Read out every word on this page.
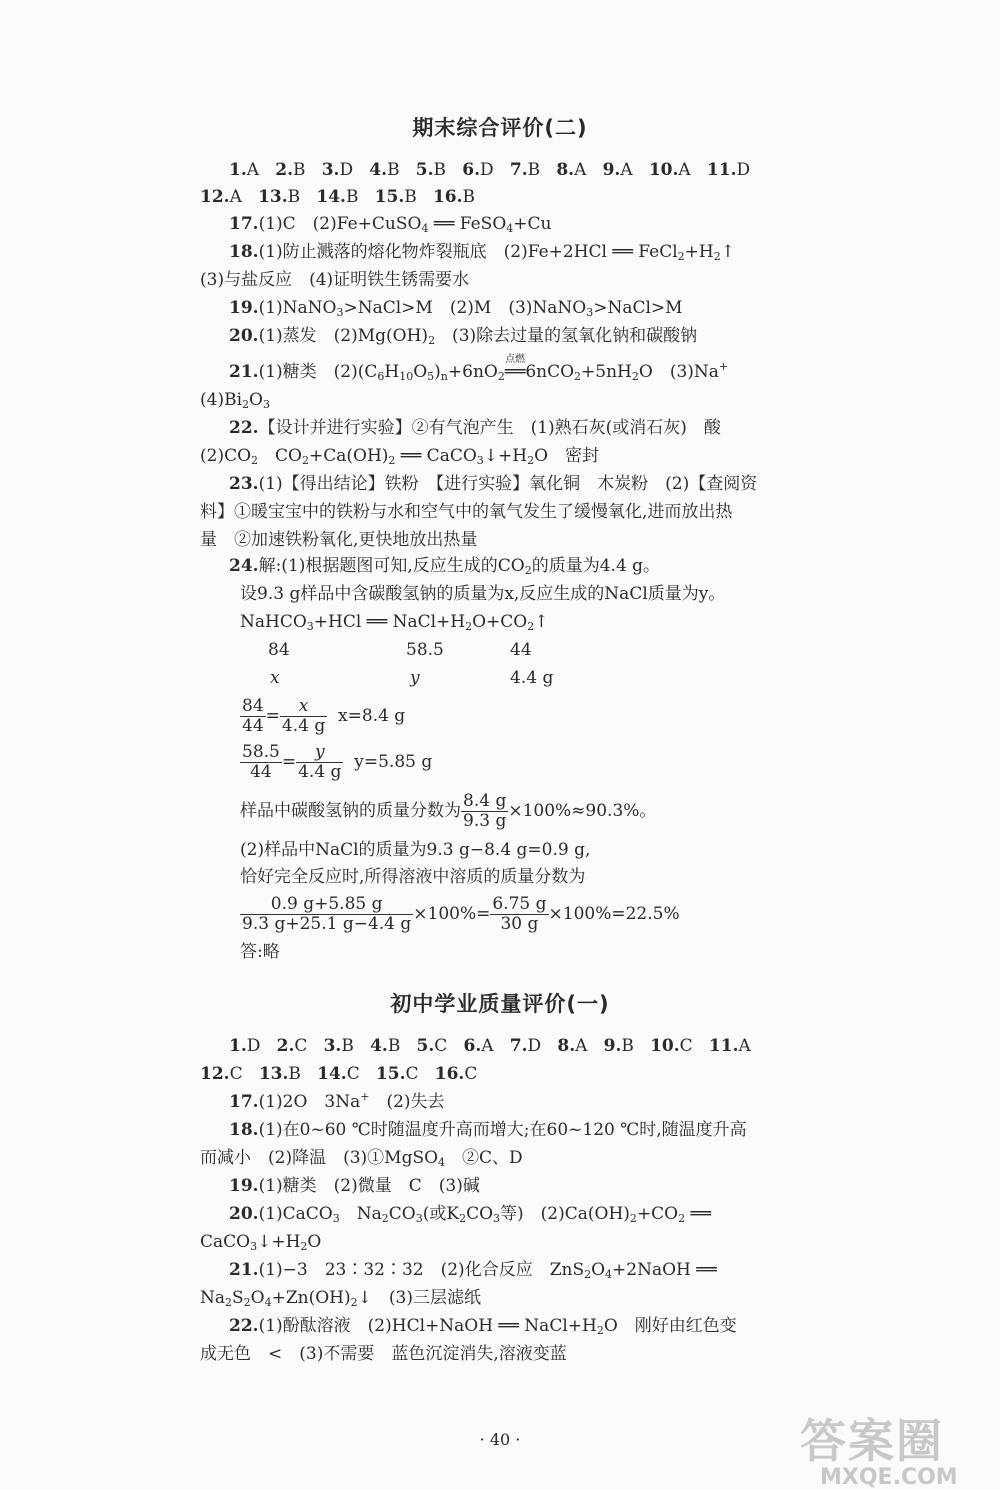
期末综合评价(二)
1.A 2.B 3.D 4.B 5.B 6.D 7.B 8.A 9.A 10.A 11.D
12.A 13.B 14.B 15.B 16.B
17.(1)C　(2)Fe+CuSO$_4$ ══ FeSO$_4$+Cu
18.(1)防止溅落的熔化物炸裂瓶底　(2)Fe+2HCl ══ $FeCl_2+H_2↑$
(3)与盐反应　(4)证明铁生锈需要水
19.(1)NaNO$_3$>NaCl>M　(2)M　(3)NaNO$_3$>NaCl>M
20.(1)蒸发　$(2)Mg(OH)_2$　(3)除去过量的氢氧化钠和碳酸钠
21.(1)糖类　$(2)(C_6H_{10}O_5)_n+6nO_2$
点燃
$══6nCO_2+5nH_2O$　(3)Na+
$(4)Bi_2O_3$
22.【设计并进行实验】②有气泡产生　(1)熟石灰(或消石灰)　酸
$(2)CO_2$　$CO_2+Ca(OH)_2$ ══ $CaCO_3↓+H_2O$　密封
23.(1)【得出结论】铁粉　【进行实验】氧化铜　木炭粉　(2)【查阅资
料】①暖宝宝中的铁粉与水和空气中的氧气发生了缓慢氧化,进而放出热
量　②加速铁粉氧化,更快地放出热量
24.解:(1)根据题图可知,反应生成的$CO_2$的质量为4.4 g。
设9.3 g样品中含碳酸氢钠的质量为x,反应生成的NaCl质量为y。
NaHCO$_3$+HCl ══ $NaCl+H_2O+CO_2↑$
84	58.5	44
x	y	4.4 g
$\frac{84}{44} = \frac{x}{4.4 g} x=8.4$ g
$\frac{58.5}{44} = \frac{y}{4.4 g} y=5.85$ g
样品中碳酸氢钠的质量分数为 $\frac{8.4 g}{9.3 g} \times 100\%\approx 90.3\%$。
(2)样品中NaCl的质量为9.3 g−8.4 g=0.9 g,
恰好完全反应时,所得溶液中溶质的质量分数为
$\frac{0.9 g+5.85 g}{9.3 g+25.1 g-4.4 g} \times 100\%= \frac{6.75 g}{30 g} \times 100\%=22.5\%$
答:略
初中学业质量评价(一)
1.D 2.C 3.B 4.B 5.C 6.A 7.D 8.A 9.B 10.C 11.A
12.C 13.B 14.C 15.C 16.C
17.(1)2O　3Na+　(2)失去
18.(1)在0~60 ℃时随温度升高而增大;在60~120 ℃时,随温度升高
而减小　(2)降温　(3)①MgSO$_4$　②C、D
19.(1)糖类　(2)微量　C　(3)碱
20.(1)CaCO$_3$　$Na_2CO_3$(或$K_2CO_3$等)　$(2)Ca(OH)_2+CO_2$ ══
$CaCO_3↓+H_2O$
21.(1)−3　23∶32∶32　(2)化合反应　$ZnS_2O_4+2NaOH$ ══
$Na_2S_2O_4+Zn(OH)_2↓$　(3)三层滤纸
22.(1)酚酞溶液　(2)HCl+NaOH ══ $NaCl+H_2O$　刚好由红色变
成无色　<　(3)不需要　蓝色沉淀消失,溶液变蓝
· 40 ·	答案圈
MXQE.COM
